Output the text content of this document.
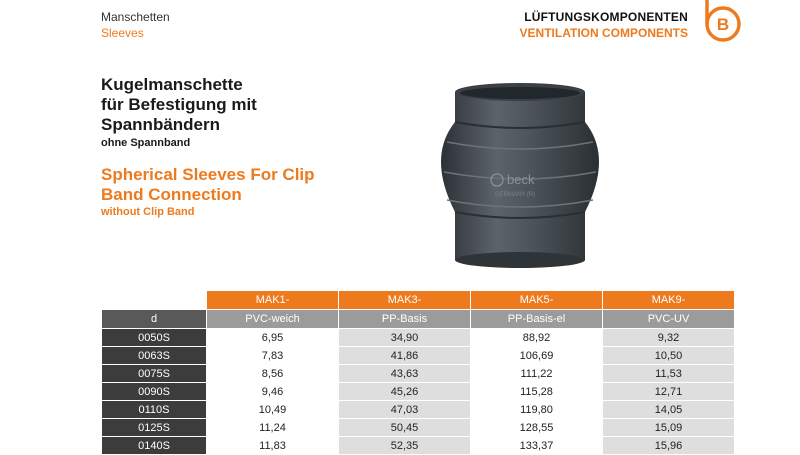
Manschetten
Sleeves
LÜFTUNGSKOMPONENTEN
VENTILATION COMPONENTS B
Kugelmanschette
für Befestigung mit
Spannbändern
ohne Spannband
Spherical Sleeves For Clip
Band Connection
without Clip Band
beck
GERMANY (R)
	MAK1-	MAK3-	MAK5-	MAK9-
d	PVC-weich	PP-Basis	PP-Basis-el	PVC-UV
0050S	6,95	34,90	88,92	9,32
0063S	7,83	41,86	106,69	10,50
0075S	8,56	43,63	111,22	11,53
0090S	9,46	45,26	115,28	12,71
0110S	10,49	47,03	119,80	14,05
0125S	11,24	50,45	128,55	15,09
0140S	11,83	52,35	133,37	15,96
